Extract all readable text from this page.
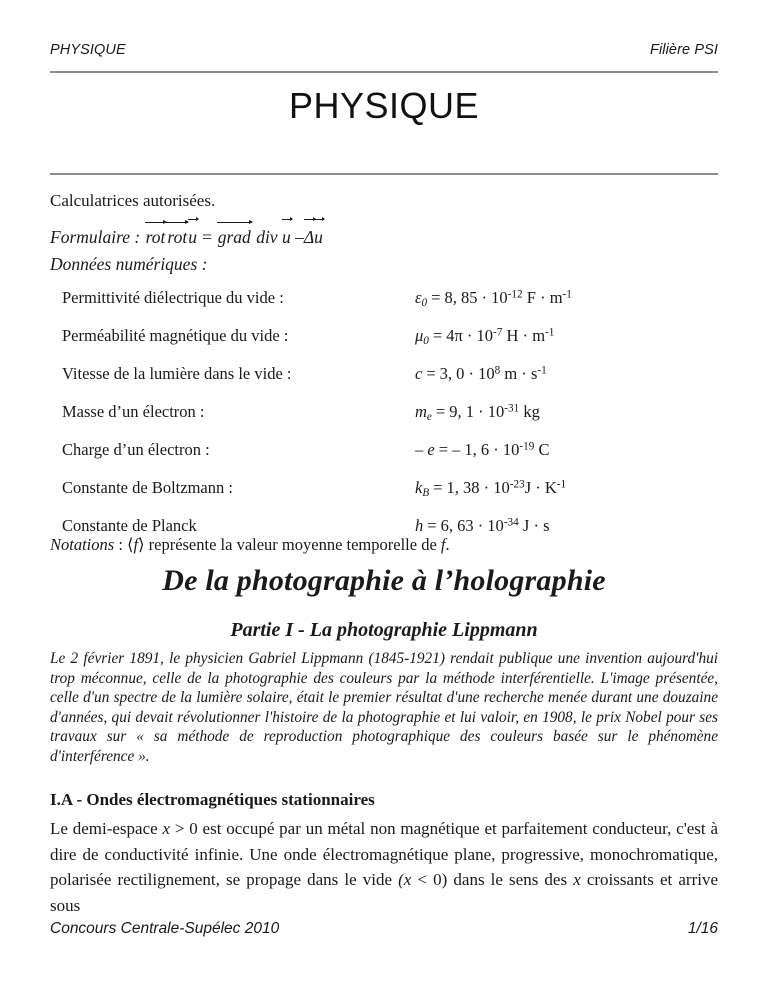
PHYSIQUE	Filière PSI
PHYSIQUE
Calculatrices autorisées.
Formulaire :
rot rot
u = grad div u –
Δ
u
Données numériques :
Permittivité diélectrique du vide :	$\varepsilon_0 = 8$, $85 \cdot 10^{-12}$ $F \cdot m^{-1}$
Perméabilité magnétique du vide :	$\mu_0 = 4\pi \cdot 10^{-7}$ $H \cdot m^{-1}$
Vitesse de la lumière dans le vide :	c = 3, $0 \cdot 10^8$ $m \cdot s^{-1}$
Masse d’un électron :	$m_e = 9$, $1 \cdot 10^{-31}$ kg
Charge d’un électron :	– e = – 1, $6 \cdot 10^{-19}$ C
Constante de Boltzmann :	$k_B = 1$, $38 \cdot 10^{-23}J \cdot K^{-1}$
Constante de Planck	h = 6, $63 \cdot 10^{-34}$ J · s
Notations : ⟨f⟩ représente la valeur moyenne temporelle de f.
De la photographie à l’holographie
Partie I - La photographie Lippmann
Le 2 février 1891, le physicien Gabriel Lippmann (1845-1921) rendait publique une invention aujourd'hui trop méconnue, celle de la photographie des couleurs par la méthode interférentielle. L'image présentée, celle d'un spectre de la lumière solaire, était le premier résultat d'une recherche menée durant une douzaine d'années, qui devait révolutionner l'histoire de la photographie et lui valoir, en 1908, le prix Nobel pour ses travaux sur « sa méthode de reproduction photographique des couleurs basée sur le phénomène d'interférence ».
I.A - Ondes électromagnétiques stationnaires
Le demi-espace x > 0 est occupé par un métal non magnétique et parfaitement conducteur, c'est à dire de conductivité infinie. Une onde électromagnétique plane, progressive, monochromatique, polarisée rectilignement, se propage dans le vide (x < 0) dans le sens des x croissants et arrive sous
Concours Centrale-Supélec 2010	1/16
